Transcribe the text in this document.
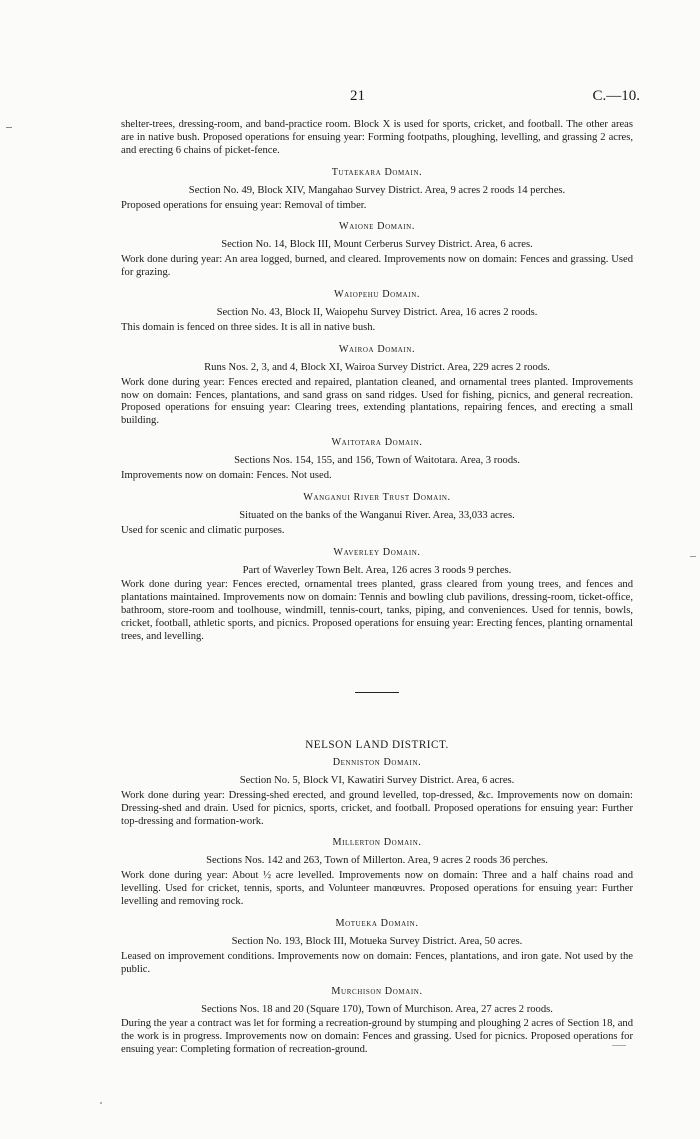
21	C.—10.

shelter-trees, dressing-room, and band-practice room. Block X is used for sports, cricket, and football. The other areas are in native bush. Proposed operations for ensuing year: Forming footpaths, ploughing, levelling, and grassing 2 acres, and erecting 6 chains of picket-fence.

Tutaekara Domain.
Section No. 49, Block XIV, Mangahao Survey District. Area, 9 acres 2 roods 14 perches.

Proposed operations for ensuing year: Removal of timber.

Waione Domain.
Section No. 14, Block III, Mount Cerberus Survey District. Area, 6 acres.

Work done during year: An area logged, burned, and cleared. Improvements now on domain: Fences and grassing. Used for grazing.

Waiopehu Domain.
Section No. 43, Block II, Waiopehu Survey District. Area, 16 acres 2 roods.

This domain is fenced on three sides. It is all in native bush.

Wairoa Domain.
Runs Nos. 2, 3, and 4, Block XI, Wairoa Survey District. Area, 229 acres 2 roods.

Work done during year: Fences erected and repaired, plantation cleaned, and ornamental trees planted. Improvements now on domain: Fences, plantations, and sand grass on sand ridges. Used for fishing, picnics, and general recreation. Proposed operations for ensuing year: Clearing trees, extending plantations, repairing fences, and erecting a small building.

Waitotara Domain.
Sections Nos. 154, 155, and 156, Town of Waitotara. Area, 3 roods.

Improvements now on domain: Fences. Not used.

Wanganui River Trust Domain.
Situated on the banks of the Wanganui River. Area, 33,033 acres.

Used for scenic and climatic purposes.

Waverley Domain.
Part of Waverley Town Belt. Area, 126 acres 3 roods 9 perches.

Work done during year: Fences erected, ornamental trees planted, grass cleared from young trees, and fences and plantations maintained. Improvements now on domain: Tennis and bowling club pavilions, dressing-room, ticket-office, bathroom, store-room and toolhouse, windmill, tennis-court, tanks, piping, and conveniences. Used for tennis, bowls, cricket, football, athletic sports, and picnics. Proposed operations for ensuing year: Erecting fences, planting ornamental trees, and levelling.

NELSON LAND DISTRICT.
Denniston Domain.
Section No. 5, Block VI, Kawatiri Survey District. Area, 6 acres.

Work done during year: Dressing-shed erected, and ground levelled, top-dressed, &c. Improvements now on domain: Dressing-shed and drain. Used for picnics, sports, cricket, and football. Proposed operations for ensuing year: Further top-dressing and formation-work.

Millerton Domain.
Sections Nos. 142 and 263, Town of Millerton. Area, 9 acres 2 roods 36 perches.

Work done during year: About ½ acre levelled. Improvements now on domain: Three and a half chains road and levelling. Used for cricket, tennis, sports, and Volunteer manœuvres. Proposed operations for ensuing year: Further levelling and removing rock.

Motueka Domain.
Section No. 193, Block III, Motueka Survey District. Area, 50 acres.

Leased on improvement conditions. Improvements now on domain: Fences, plantations, and iron gate. Not used by the public.

Murchison Domain.
Sections Nos. 18 and 20 (Square 170), Town of Murchison. Area, 27 acres 2 roods.

During the year a contract was let for forming a recreation-ground by stumping and ploughing 2 acres of Section 18, and the work is in progress. Improvements now on domain: Fences and grassing. Used for picnics. Proposed operations for ensuing year: Completing formation of recreation-ground.
